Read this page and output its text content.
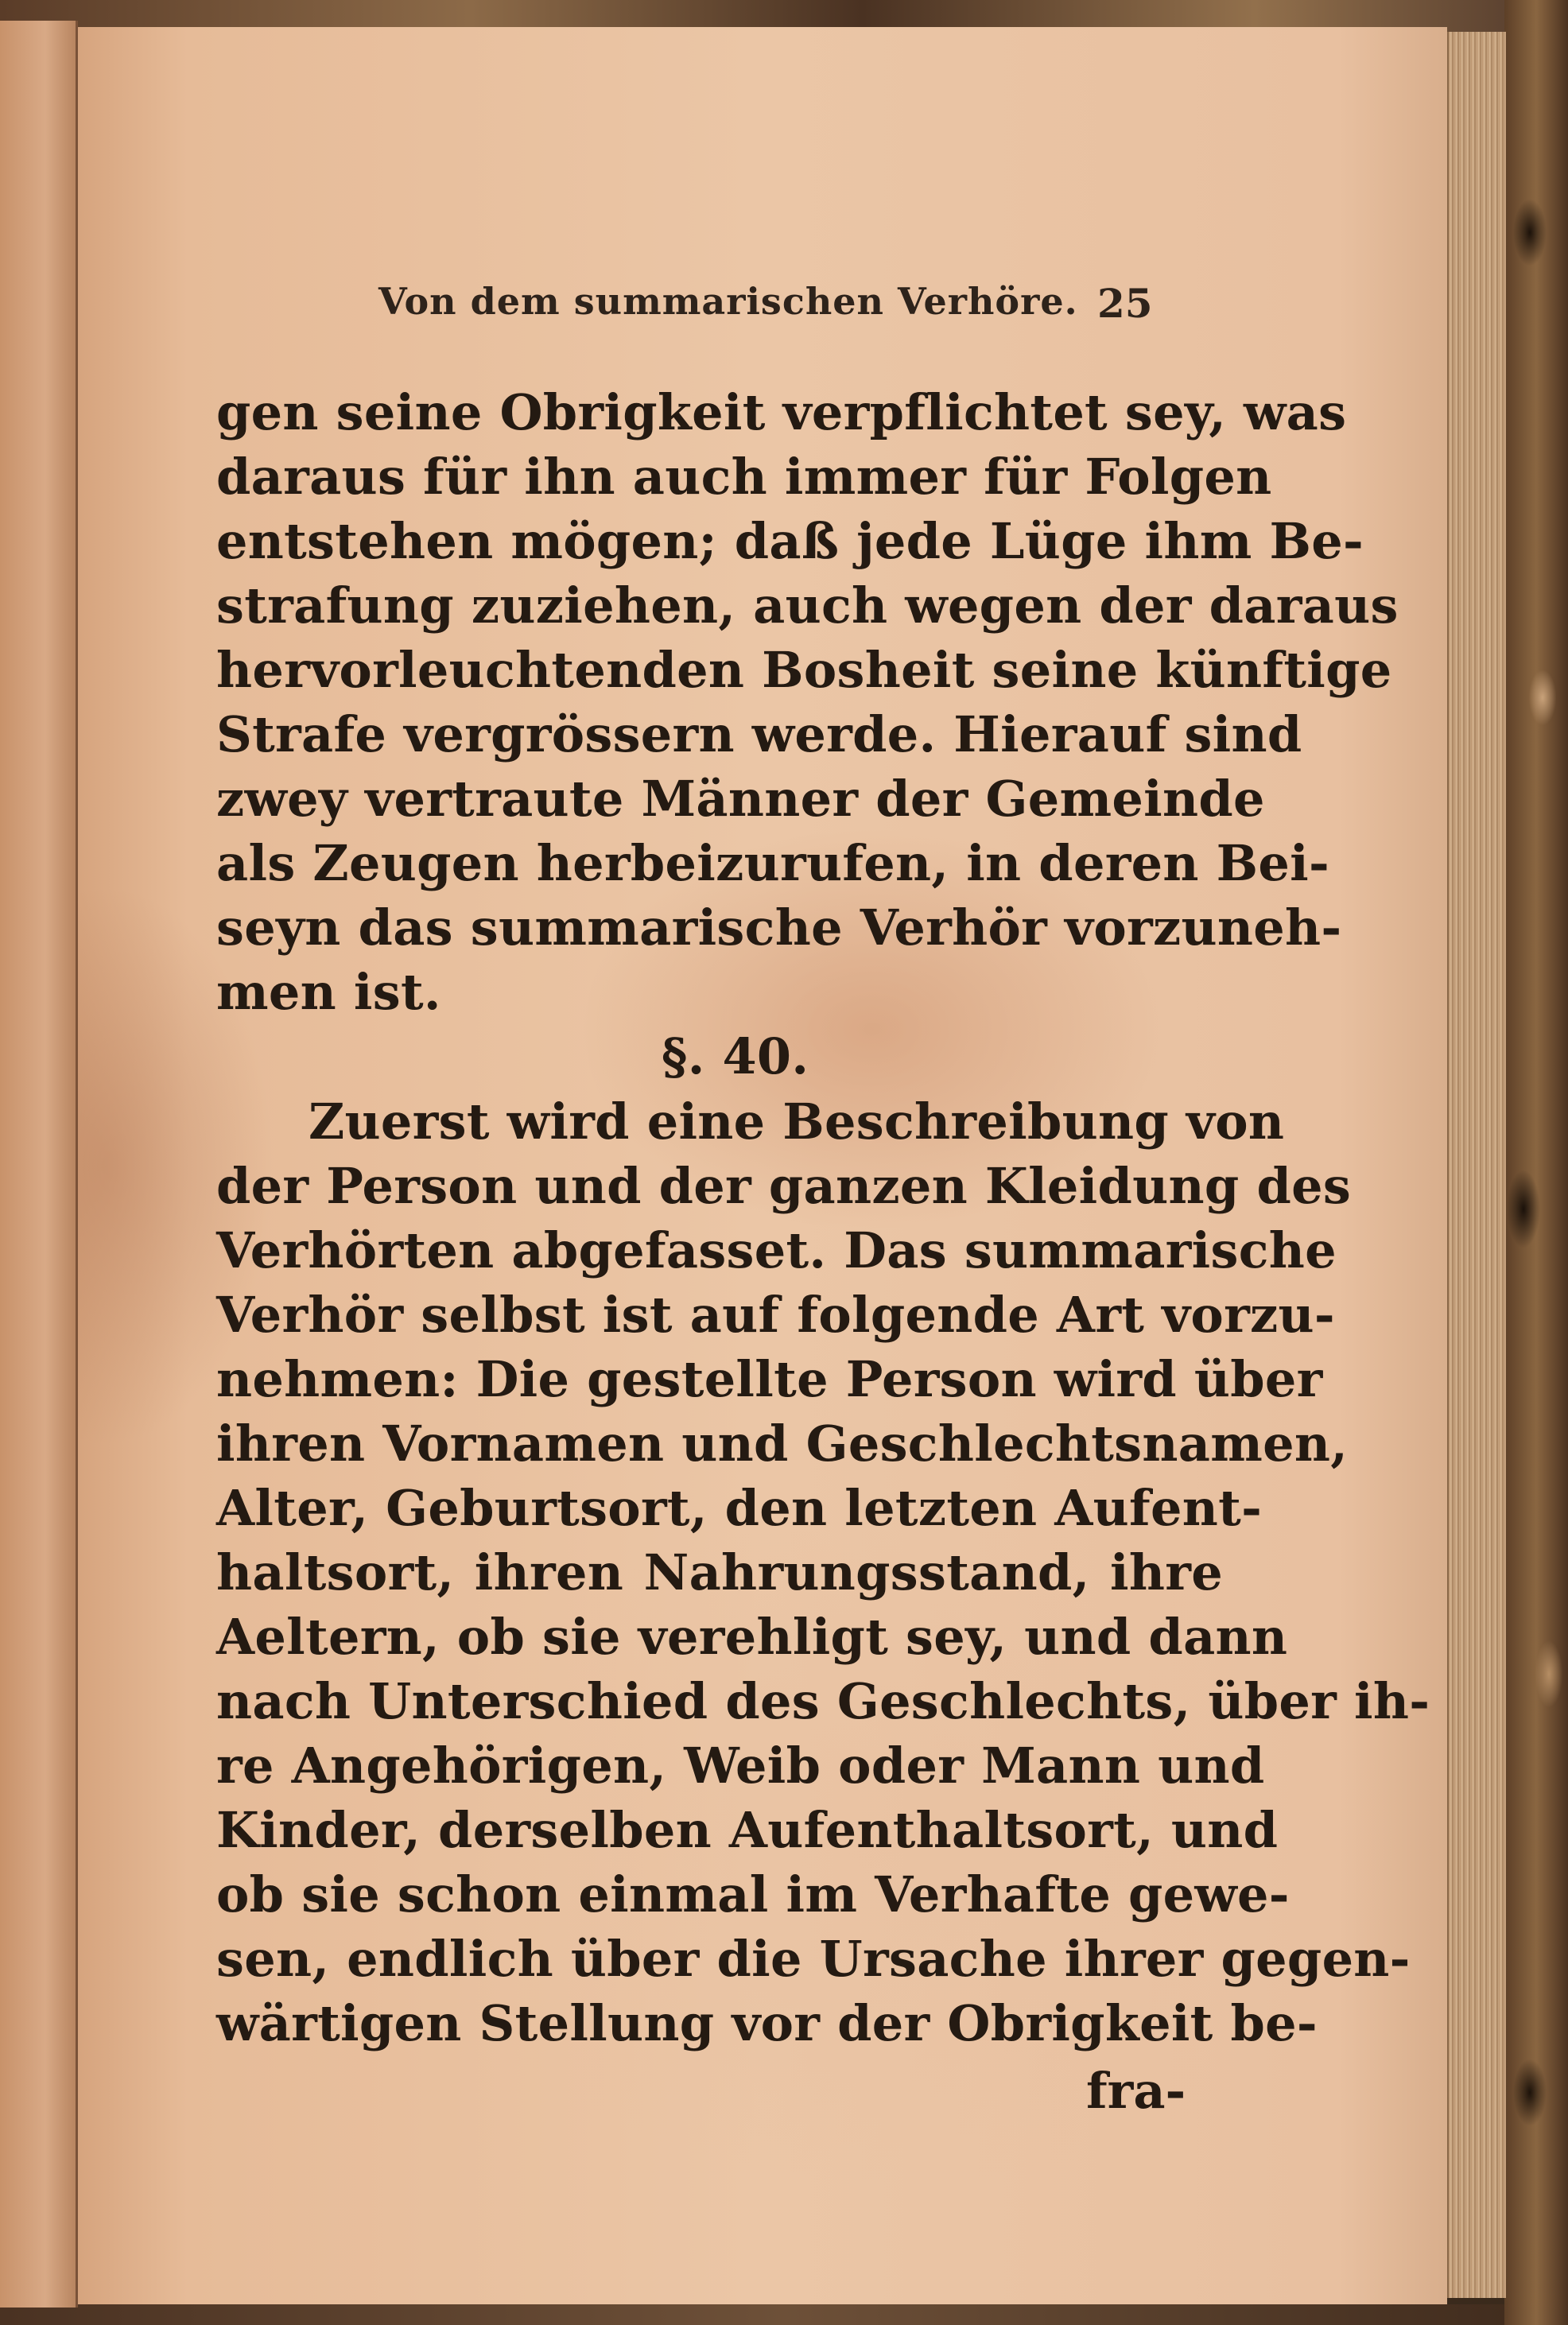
Von dem summarischen Verhöre. 25
gen seine Obrigkeit verpflichtet sey, was
daraus für ihn auch immer für Folgen
entstehen mögen; daß jede Lüge ihm Be-
strafung zuziehen, auch wegen der daraus
hervorleuchtenden Bosheit seine künftige
Strafe vergrössern werde. Hierauf sind
zwey vertraute Männer der Gemeinde
als Zeugen herbeizurufen, in deren Bei-
seyn das summarische Verhör vorzuneh-
men ist.
§. 40.
Zuerst wird eine Beschreibung von
der Person und der ganzen Kleidung des
Verhörten abgefasset. Das summarische
Verhör selbst ist auf folgende Art vorzu-
nehmen: Die gestellte Person wird über
ihren Vornamen und Geschlechtsnamen,
Alter, Geburtsort, den letzten Aufent-
haltsort, ihren Nahrungsstand, ihre
Aeltern, ob sie verehligt sey, und dann
nach Unterschied des Geschlechts, über ih-
re Angehörigen, Weib oder Mann und
Kinder, derselben Aufenthaltsort, und
ob sie schon einmal im Verhafte gewe-
sen, endlich über die Ursache ihrer gegen-
wärtigen Stellung vor der Obrigkeit be-
fra-
